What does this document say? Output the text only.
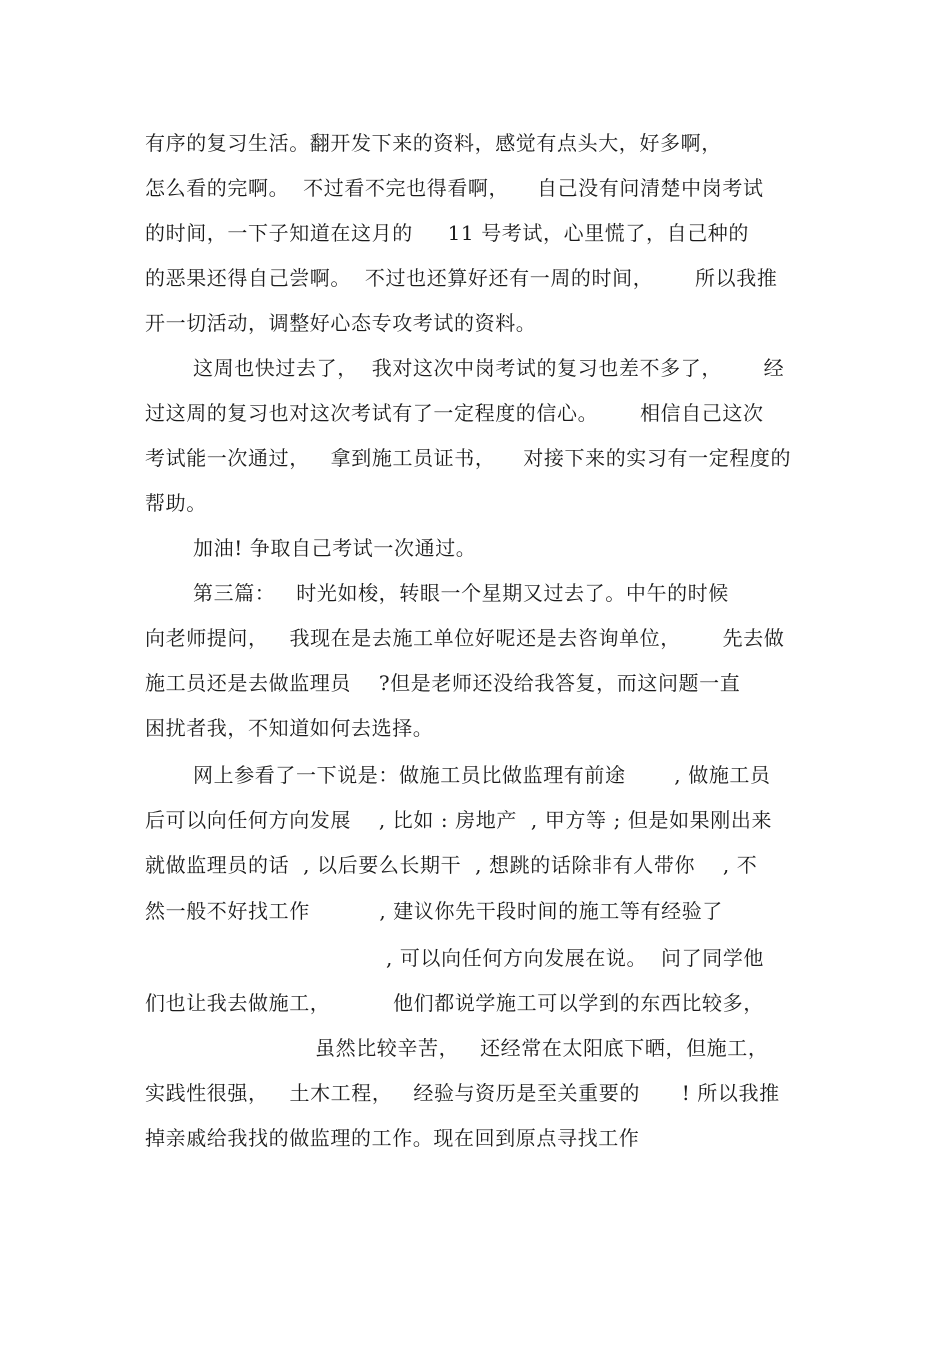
有序的复习生活。翻开发下来的资料，感觉有点头大，好多啊，
怎么看的完啊。  不过看不完也得看啊，    自己没有问清楚中岗考试
的时间，一下子知道在这月的     11 号考试，心里慌了，自己种的
的恶果还得自己尝啊。  不过也还算好还有一周的时间，      所以我推
开一切活动，调整好心态专攻考试的资料。
这周也快过去了，  我对这次中岗考试的复习也差不多了，      经
过这周的复习也对这次考试有了一定程度的信心。      相信自己这次
考试能一次通过，   拿到施工员证书，    对接下来的实习有一定程度的
帮助。
加油! 争取自己考试一次通过。
第三篇：   时光如梭，转眼一个星期又过去了。中午的时候
向老师提问，   我现在是去施工单位好呢还是去咨询单位，      先去做
施工员还是去做监理员    ?但是老师还没给我答复，而这问题一直
困扰者我，不知道如何去选择。
网上参看了一下说是：做施工员比做监理有前途       , 做施工员
后可以向任何方向发展    , 比如 : 房地产  , 甲方等 ; 但是如果刚出来
就做监理员的话  , 以后要么长期干  , 想跳的话除非有人带你    , 不
然一般不好找工作          , 建议你先干段时间的施工等有经验了
, 可以向任何方向发展在说。  问了同学他
们也让我去做施工，         他们都说学施工可以学到的东西比较多，
虽然比较辛苦，   还经常在太阳底下晒，但施工，
实践性很强，   土木工程，   经验与资历是至关重要的      ! 所以我推
掉亲戚给我找的做监理的工作。现在回到原点寻找工作
